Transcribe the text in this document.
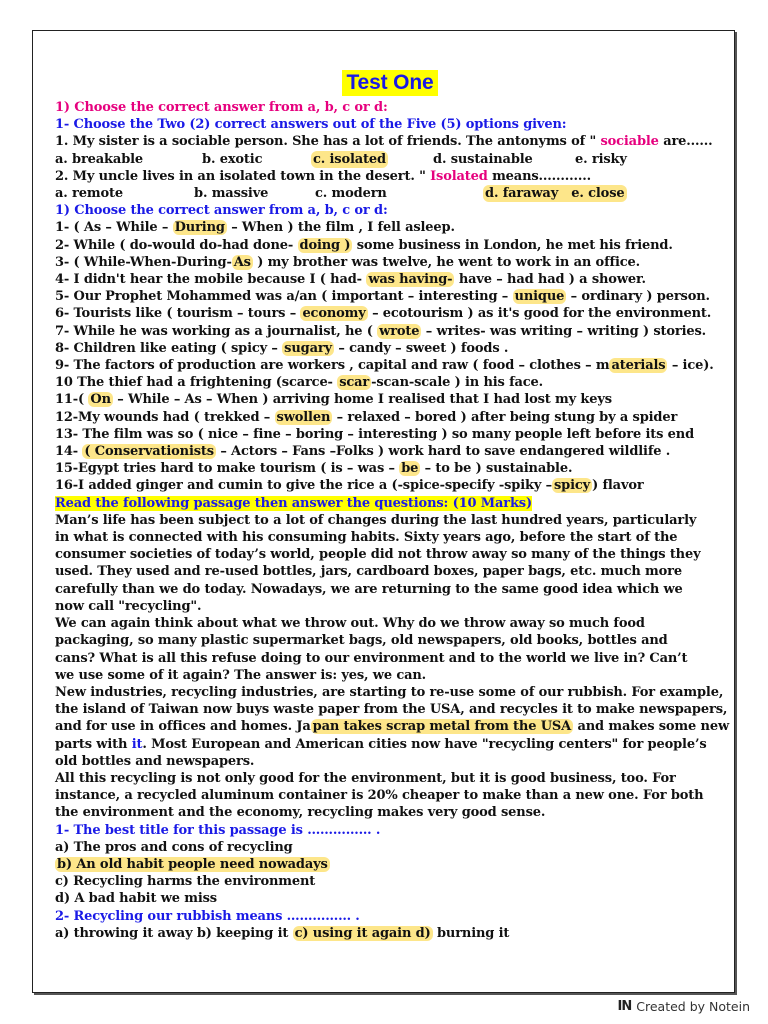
Test One
1) Choose the correct answer from a, b, c or d:
1- Choose the Two (2) correct answers out of the Five (5) options given:
1. My sister is a sociable person. She has a lot of friends. The antonyms of " sociable are......
a. breakable	b. exotic	c. isolated	d. sustainable	e. risky
2. My uncle lives in an isolated town in the desert. " Isolated means............
a. remote	b. massive	c. modern	d. faraway e. close
1) Choose the correct answer from a, b, c or d:
1- ( As – While – During – When ) the film , I fell asleep.
2- While ( do-would do-had done- doing ) some business in London, he met his friend.
3- ( While-When-During- As ) my brother was twelve, he went to work in an office.
4- I didn't hear the mobile because I ( had- was having- have – had had ) a shower.
5- Our Prophet Mohammed was a/an ( important – interesting – unique – ordinary ) person.
6- Tourists like ( tourism – tours – economy – ecotourism ) as it's good for the environment.
7- While he was working as a journalist, he ( wrote – writes- was writing – writing ) stories.
8- Children like eating ( spicy – sugary – candy – sweet ) foods .
9- The factors of production are workers , capital and raw ( food – clothes – m aterials – ice).
10 The thief had a frightening (scarce- scar -scan-scale ) in his face.
11-( On – While – As – When ) arriving home I realised that I had lost my keys
12-My wounds had ( trekked – swollen – relaxed – bored ) after being stung by a spider
13- The film was so ( nice – fine – boring – interesting ) so many people left before its end
14- ( Conservationists – Actors – Fans –Folks ) work hard to save endangered wildlife .
15-Egypt tries hard to make tourism ( is – was – be – to be ) sustainable.
16-I added ginger and cumin to give the rice a (-spice-specify -spiky – spicy ) flavor
Read the following passage then answer the questions: (10 Marks)
Man’s life has been subject to a lot of changes during the last hundred years, particularly
in what is connected with his consuming habits. Sixty years ago, before the start of the
consumer societies of today’s world, people did not throw away so many of the things they
used. They used and re-used bottles, jars, cardboard boxes, paper bags, etc. much more
carefully than we do today. Nowadays, we are returning to the same good idea which we
now call "recycling".
We can again think about what we throw out. Why do we throw away so much food
packaging, so many plastic supermarket bags, old newspapers, old books, bottles and
cans? What is all this refuse doing to our environment and to the world we live in? Can’t
we use some of it again? The answer is: yes, we can.
New industries, recycling industries, are starting to re-use some of our rubbish. For example,
the island of Taiwan now buys waste paper from the USA, and recycles it to make newspapers,
and for use in offices and homes. Ja pan takes scrap metal from the USA and makes some new
parts with it. Most European and American cities now have "recycling centers" for people’s
old bottles and newspapers.
All this recycling is not only good for the environment, but it is good business, too. For
instance, a recycled aluminum container is 20% cheaper to make than a new one. For both
the environment and the economy, recycling makes very good sense.
1- The best title for this passage is …………… .
a) The pros and cons of recycling
b) An old habit people need nowadays
c) Recycling harms the environment
d) A bad habit we miss
2- Recycling our rubbish means …………… .
a) throwing it away b) keeping it c) using it again d) burning it
IN Created by Notein
